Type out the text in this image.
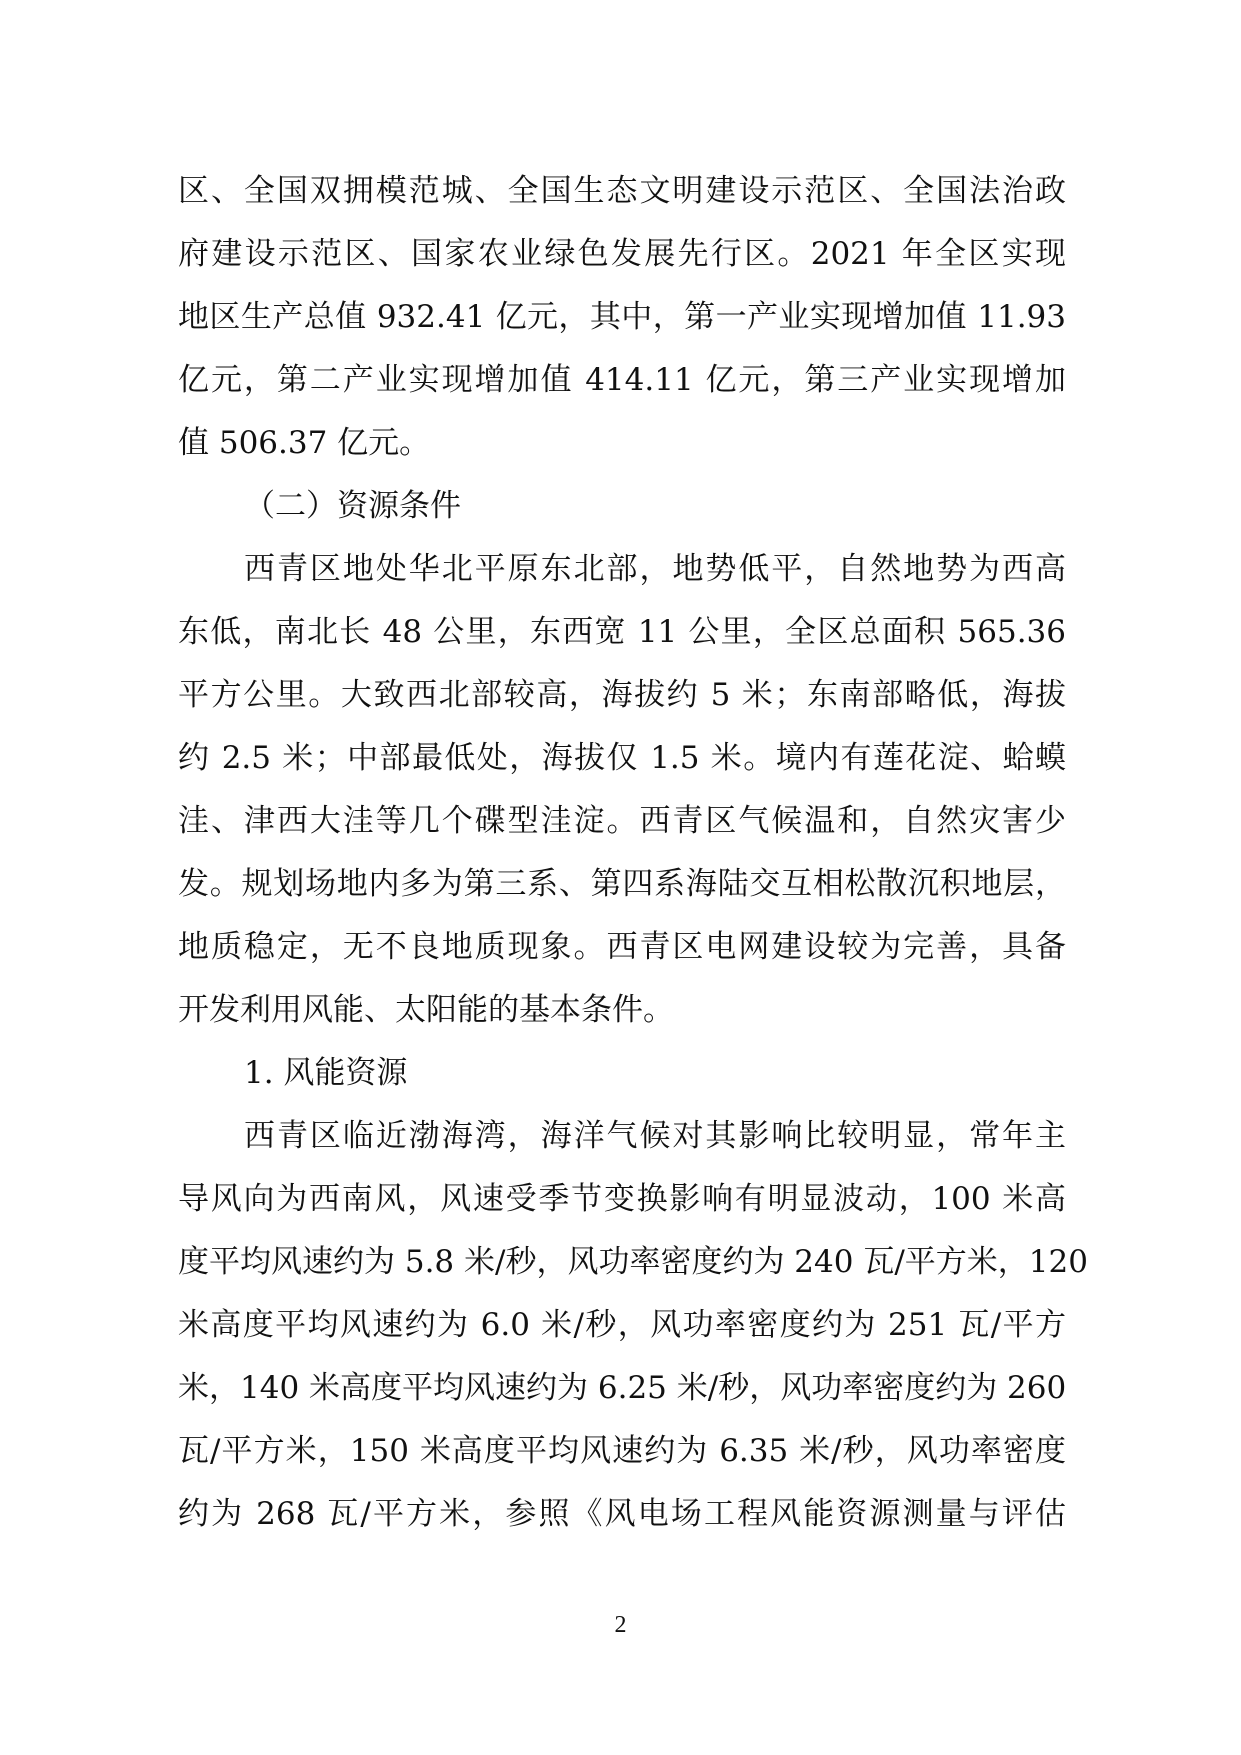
区、全国双拥模范城、全国生态文明建设示范区、全国法治政
府建设示范区、国家农业绿色发展先行区。2021 年全区实现
地区生产总值 932.41 亿元，其中，第一产业实现增加值 11.93
亿元，第二产业实现增加值 414.11 亿元，第三产业实现增加
值 506.37 亿元。
（二）资源条件
西青区地处华北平原东北部，地势低平，自然地势为西高
东低，南北长 48 公里，东西宽 11 公里，全区总面积 565.36
平方公里。大致西北部较高，海拔约 5 米；东南部略低，海拔
约 2.5 米；中部最低处，海拔仅 1.5 米。境内有莲花淀、蛤蟆
洼、津西大洼等几个碟型洼淀。西青区气候温和，自然灾害少
发。规划场地内多为第三系、第四系海陆交互相松散沉积地层，
地质稳定，无不良地质现象。西青区电网建设较为完善，具备
开发利用风能、太阳能的基本条件。
1. 风能资源
西青区临近渤海湾，海洋气候对其影响比较明显，常年主
导风向为西南风，风速受季节变换影响有明显波动，100 米高
度平均风速约为 5.8 米/秒，风功率密度约为 240 瓦/平方米，120
米高度平均风速约为 6.0 米/秒，风功率密度约为 251 瓦/平方
米，140 米高度平均风速约为 6.25 米/秒，风功率密度约为 260
瓦/平方米，150 米高度平均风速约为 6.35 米/秒，风功率密度
约为 268 瓦/平方米，参照《风电场工程风能资源测量与评估
2
